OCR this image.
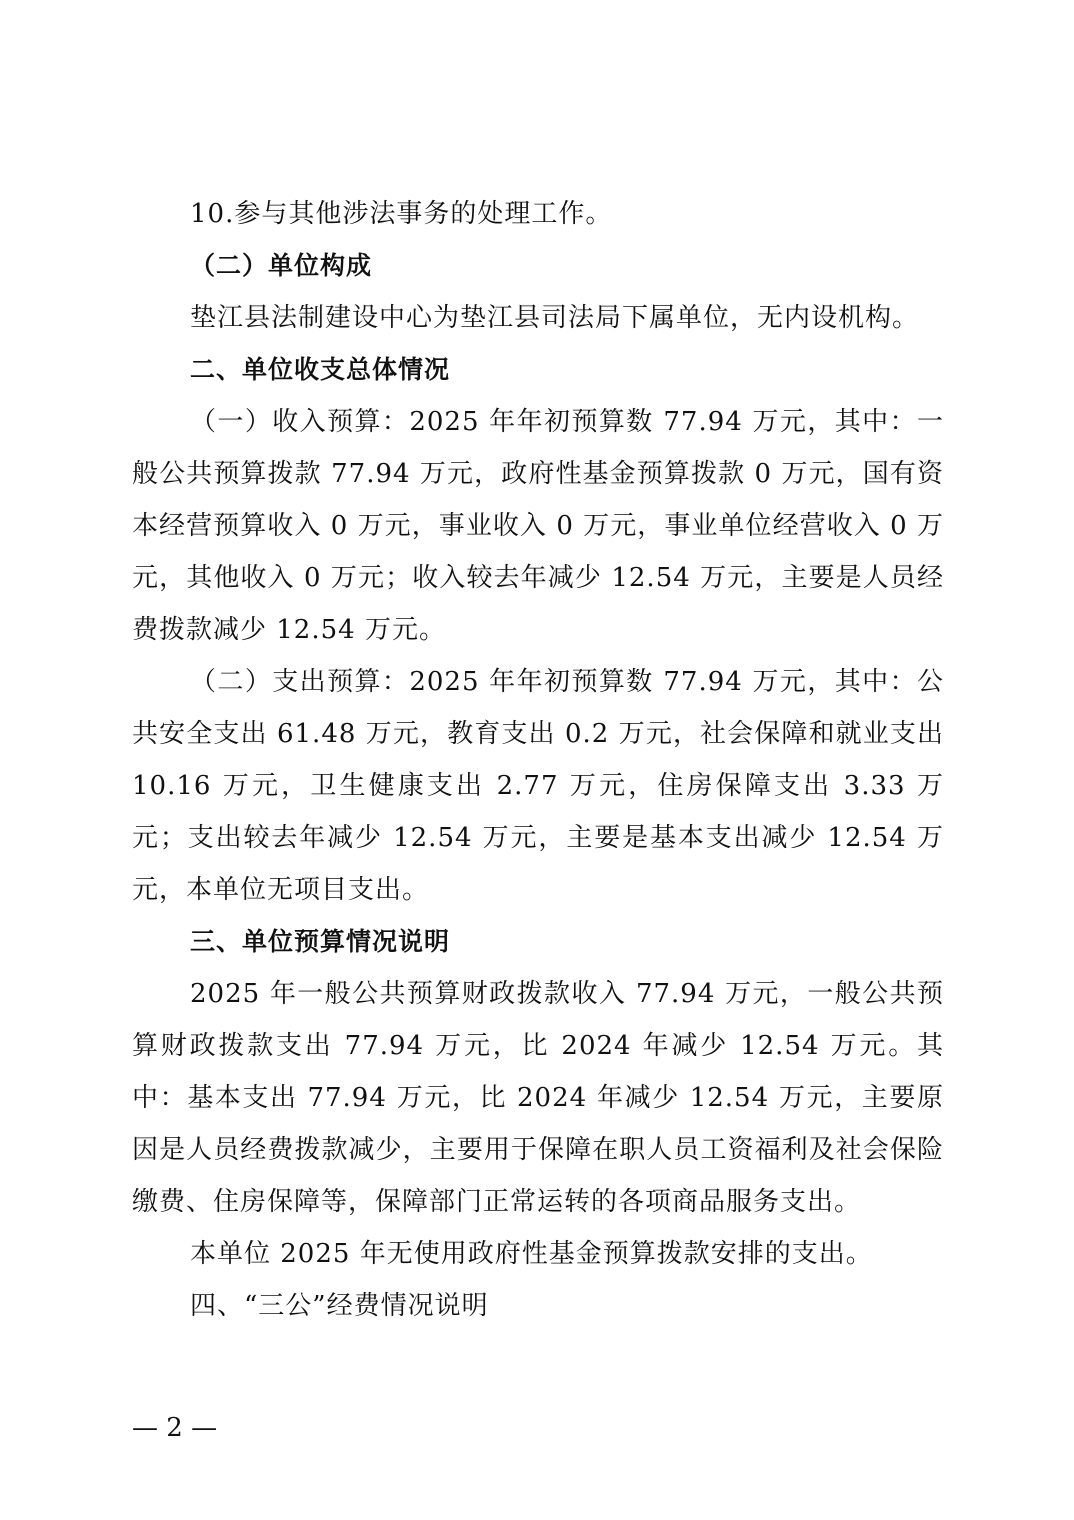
10.参与其他涉法事务的处理工作。

（二）单位构成

垫江县法制建设中心为垫江县司法局下属单位，无内设机构。

二、单位收支总体情况

（一）收入预算：2025 年年初预算数 77.94 万元，其中：一般公共预算拨款 77.94 万元，政府性基金预算拨款 0 万元，国有资本经营预算收入 0 万元，事业收入 0 万元，事业单位经营收入 0 万元，其他收入 0 万元；收入较去年减少 12.54 万元，主要是人员经费拨款减少 12.54 万元。

（二）支出预算：2025 年年初预算数 77.94 万元，其中：公共安全支出 61.48 万元，教育支出 0.2 万元，社会保障和就业支出 10.16 万元，卫生健康支出 2.77 万元，住房保障支出 3.33 万元；支出较去年减少 12.54 万元，主要是基本支出减少 12.54 万元，本单位无项目支出。

三、单位预算情况说明

2025 年一般公共预算财政拨款收入 77.94 万元，一般公共预算财政拨款支出 77.94 万元，比 2024 年减少 12.54 万元。其中：基本支出 77.94 万元，比 2024 年减少 12.54 万元，主要原因是人员经费拨款减少，主要用于保障在职人员工资福利及社会保险缴费、住房保障等，保障部门正常运转的各项商品服务支出。

本单位 2025 年无使用政府性基金预算拨款安排的支出。

四、“三公”经费情况说明

— 2 —
